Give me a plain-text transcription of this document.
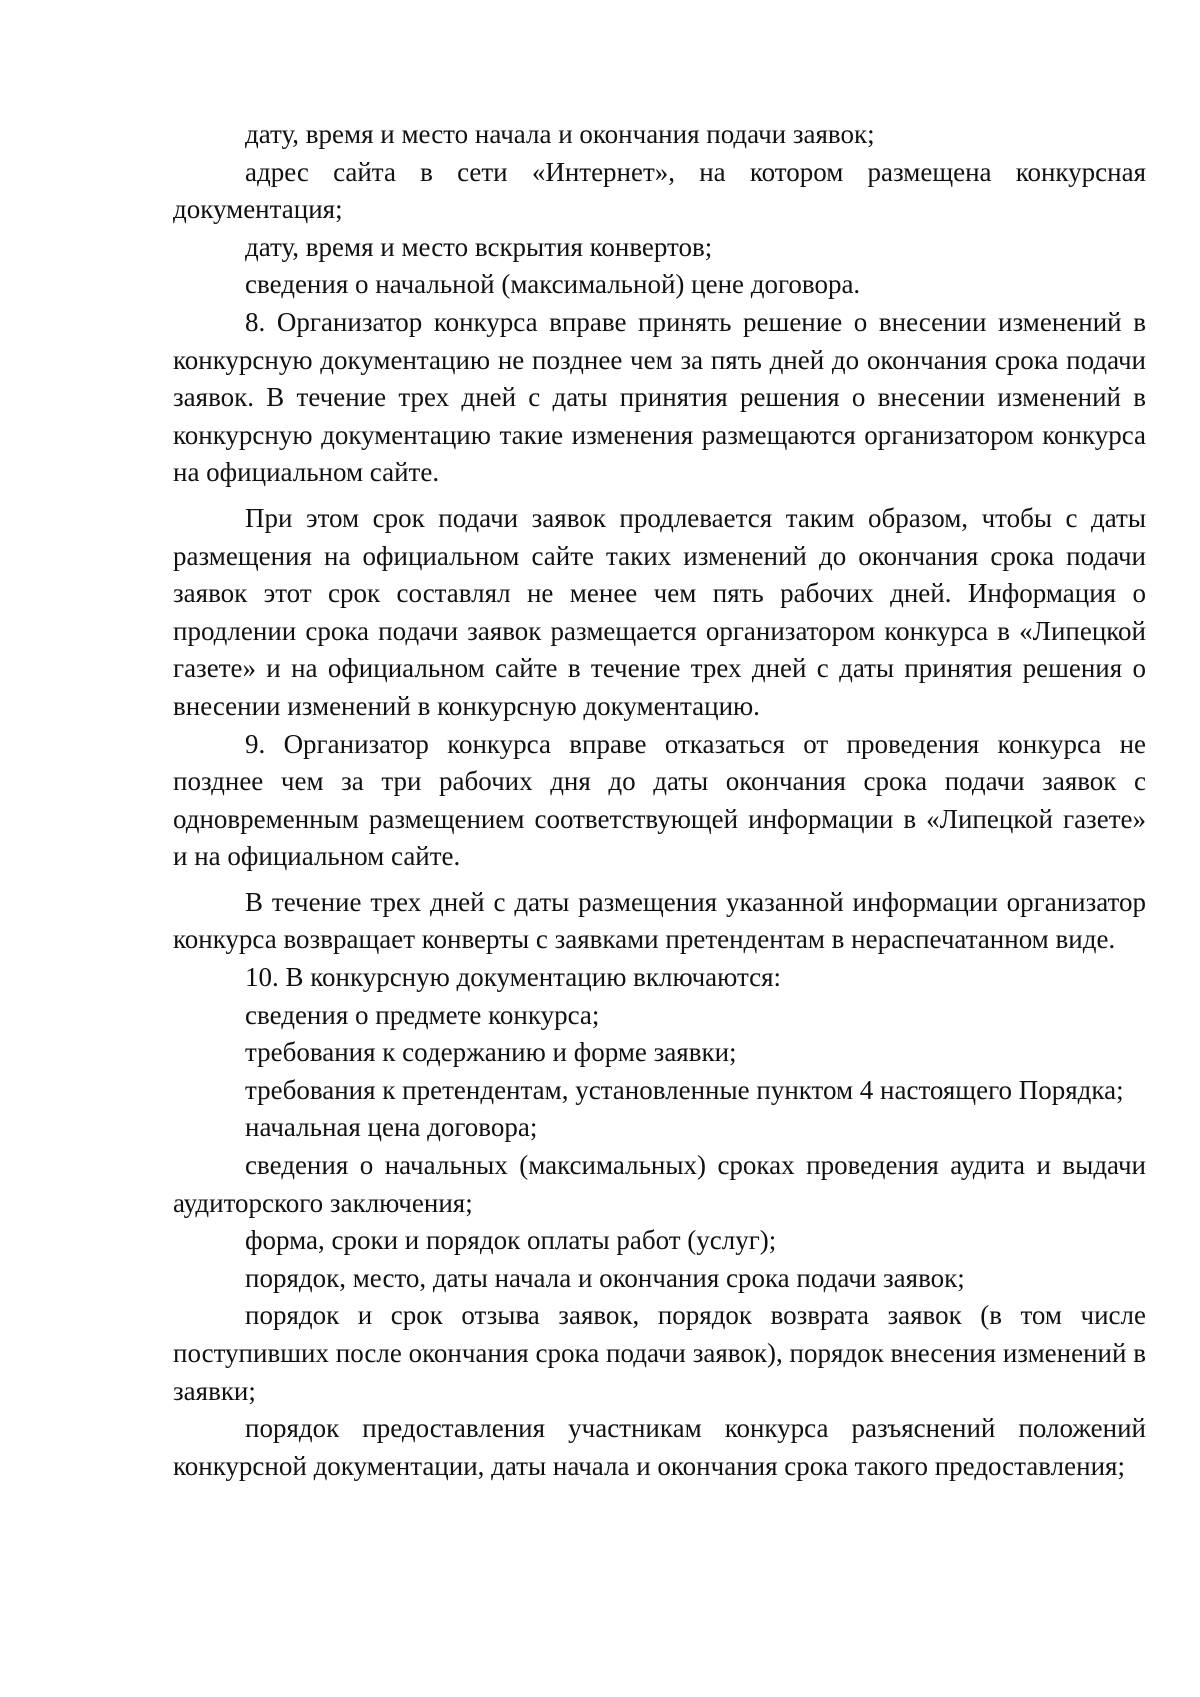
дату, время и место начала и окончания подачи заявок;

адрес сайта в сети «Интернет», на котором размещена конкурсная документация;

дату, время и место вскрытия конвертов;

сведения о начальной (максимальной) цене договора.

8. Организатор конкурса вправе принять решение о внесении изменений в конкурсную документацию не позднее чем за пять дней до окончания срока подачи заявок. В течение трех дней с даты принятия решения о внесении изменений в конкурсную документацию такие изменения размещаются организатором конкурса на официальном сайте.

При этом срок подачи заявок продлевается таким образом, чтобы с даты размещения на официальном сайте таких изменений до окончания срока подачи заявок этот срок составлял не менее чем пять рабочих дней. Информация о продлении срока подачи заявок размещается организатором конкурса в «Липецкой газете» и на официальном сайте в течение трех дней с даты принятия решения о внесении изменений в конкурсную документацию.

9. Организатор конкурса вправе отказаться от проведения конкурса не позднее чем за три рабочих дня до даты окончания срока подачи заявок с одновременным размещением соответствующей информации в «Липецкой газете» и на официальном сайте.

В течение трех дней с даты размещения указанной информации организатор конкурса возвращает конверты с заявками претендентам в нераспечатанном виде.

10. В конкурсную документацию включаются:

сведения о предмете конкурса;

требования к содержанию и форме заявки;

требования к претендентам, установленные пунктом 4 настоящего Порядка;

начальная цена договора;

сведения о начальных (максимальных) сроках проведения аудита и выдачи аудиторского заключения;

форма, сроки и порядок оплаты работ (услуг);

порядок, место, даты начала и окончания срока подачи заявок;

порядок и срок отзыва заявок, порядок возврата заявок (в том числе поступивших после окончания срока подачи заявок), порядок внесения изменений в заявки;

порядок предоставления участникам конкурса разъяснений положений конкурсной документации, даты начала и окончания срока такого предоставления;
